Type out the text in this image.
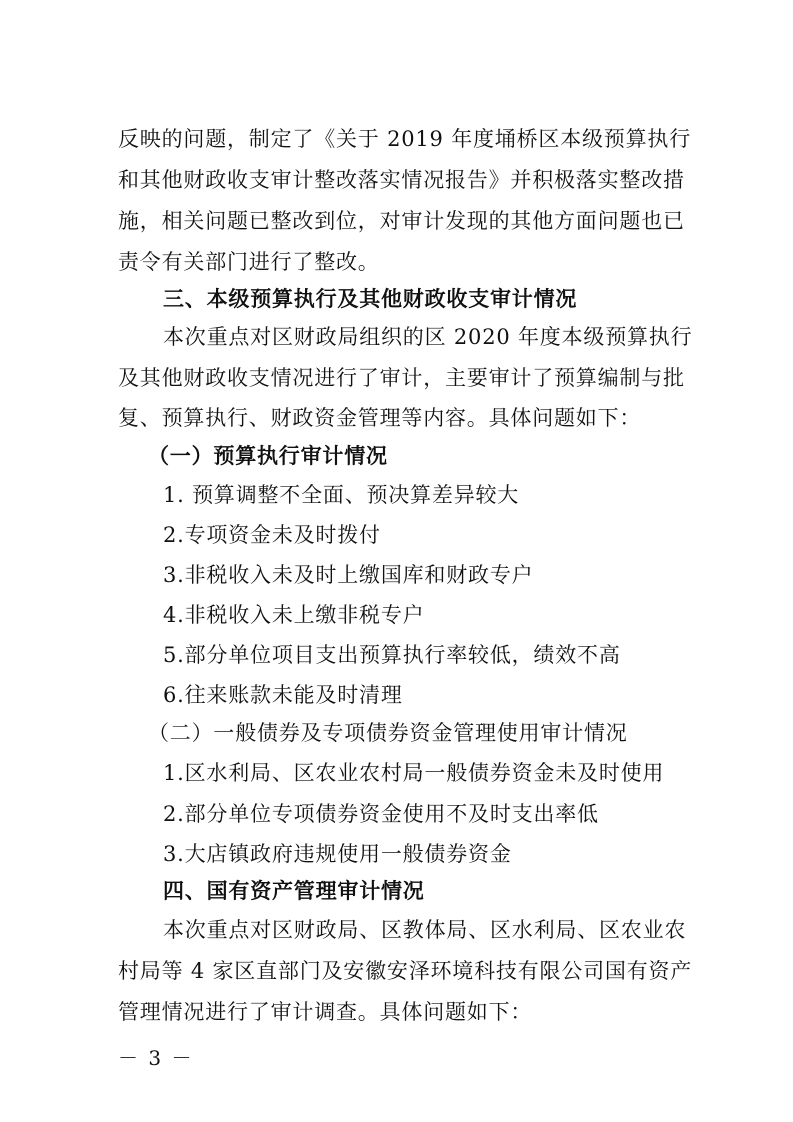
反映的问题，制定了《关于 2019 年度埇桥区本级预算执行
和其他财政收支审计整改落实情况报告》并积极落实整改措
施，相关问题已整改到位，对审计发现的其他方面问题也已
责令有关部门进行了整改。
三、本级预算执行及其他财政收支审计情况
本次重点对区财政局组织的区 2020 年度本级预算执行
及其他财政收支情况进行了审计，主要审计了预算编制与批
复、预算执行、财政资金管理等内容。具体问题如下：
（一）预算执行审计情况
1. 预算调整不全面、预决算差异较大
2.专项资金未及时拨付
3.非税收入未及时上缴国库和财政专户
4.非税收入未上缴非税专户
5.部分单位项目支出预算执行率较低，绩效不高
6.往来账款未能及时清理
（二）一般债券及专项债券资金管理使用审计情况
1.区水利局、区农业农村局一般债券资金未及时使用
2.部分单位专项债券资金使用不及时支出率低
3.大店镇政府违规使用一般债券资金
四、国有资产管理审计情况
本次重点对区财政局、区教体局、区水利局、区农业农
村局等 4 家区直部门及安徽安泽环境科技有限公司国有资产
管理情况进行了审计调查。具体问题如下：
－ 3 －
